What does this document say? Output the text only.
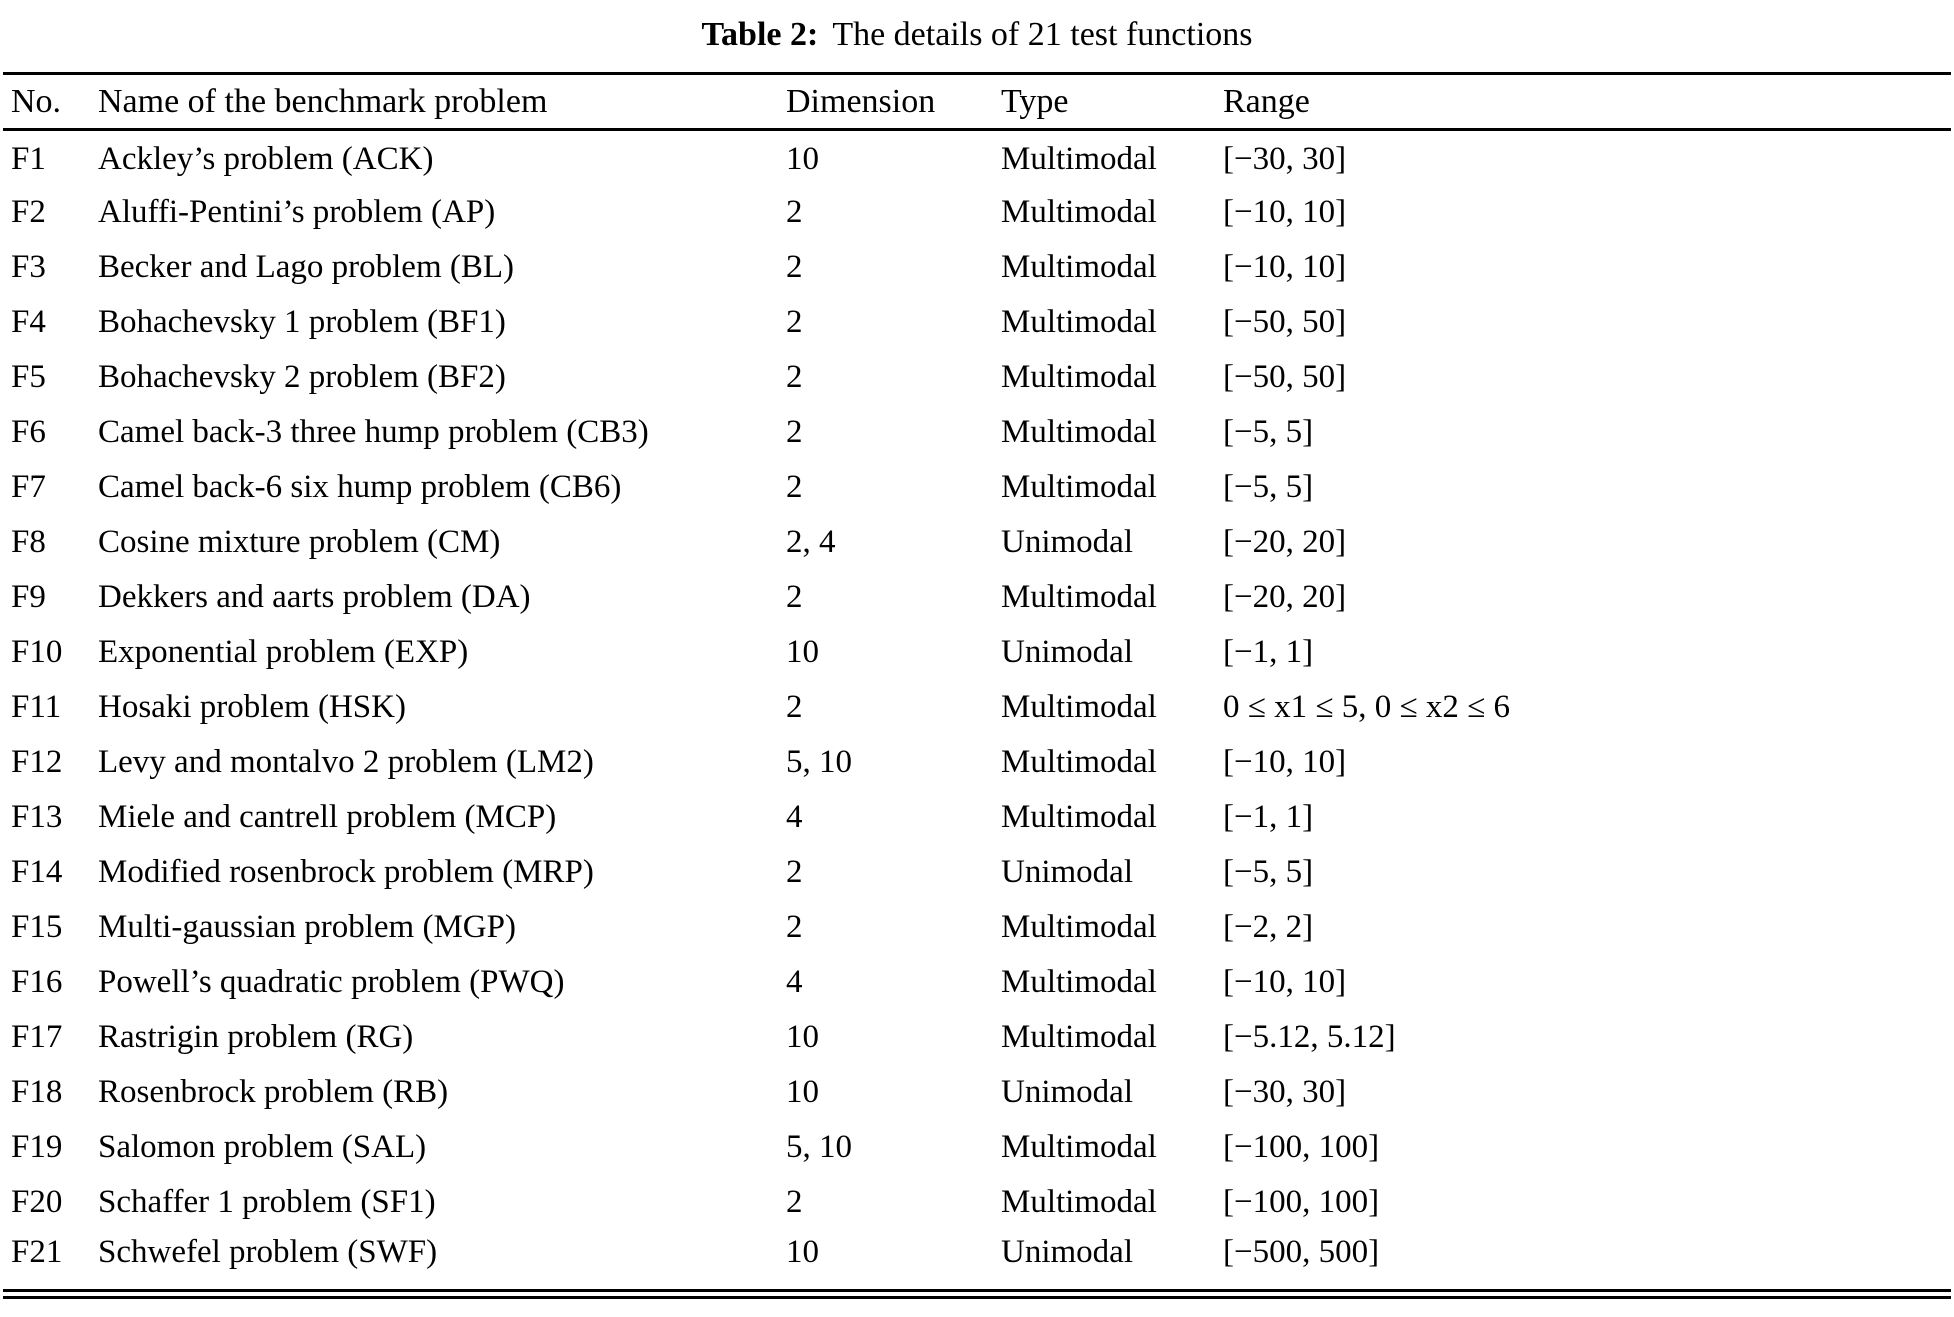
Table 2: The details of 21 test functions
No.	Name of the benchmark problem	Dimension	Type	Range
F1	Ackley’s problem (ACK)	10	Multimodal	[−30, 30]
F2	Aluffi-Pentini’s problem (AP)	2	Multimodal	[−10, 10]
F3	Becker and Lago problem (BL)	2	Multimodal	[−10, 10]
F4	Bohachevsky 1 problem (BF1)	2	Multimodal	[−50, 50]
F5	Bohachevsky 2 problem (BF2)	2	Multimodal	[−50, 50]
F6	Camel back-3 three hump problem (CB3)	2	Multimodal	[−5, 5]
F7	Camel back-6 six hump problem (CB6)	2	Multimodal	[−5, 5]
F8	Cosine mixture problem (CM)	2, 4	Unimodal	[−20, 20]
F9	Dekkers and aarts problem (DA)	2	Multimodal	[−20, 20]
F10	Exponential problem (EXP)	10	Unimodal	[−1, 1]
F11	Hosaki problem (HSK)	2	Multimodal	0 ≤ x1 ≤ 5, 0 ≤ x2 ≤ 6
F12	Levy and montalvo 2 problem (LM2)	5, 10	Multimodal	[−10, 10]
F13	Miele and cantrell problem (MCP)	4	Multimodal	[−1, 1]
F14	Modified rosenbrock problem (MRP)	2	Unimodal	[−5, 5]
F15	Multi-gaussian problem (MGP)	2	Multimodal	[−2, 2]
F16	Powell’s quadratic problem (PWQ)	4	Multimodal	[−10, 10]
F17	Rastrigin problem (RG)	10	Multimodal	[−5.12, 5.12]
F18	Rosenbrock problem (RB)	10	Unimodal	[−30, 30]
F19	Salomon problem (SAL)	5, 10	Multimodal	[−100, 100]
F20	Schaffer 1 problem (SF1)	2	Multimodal	[−100, 100]
F21	Schwefel problem (SWF)	10	Unimodal	[−500, 500]
